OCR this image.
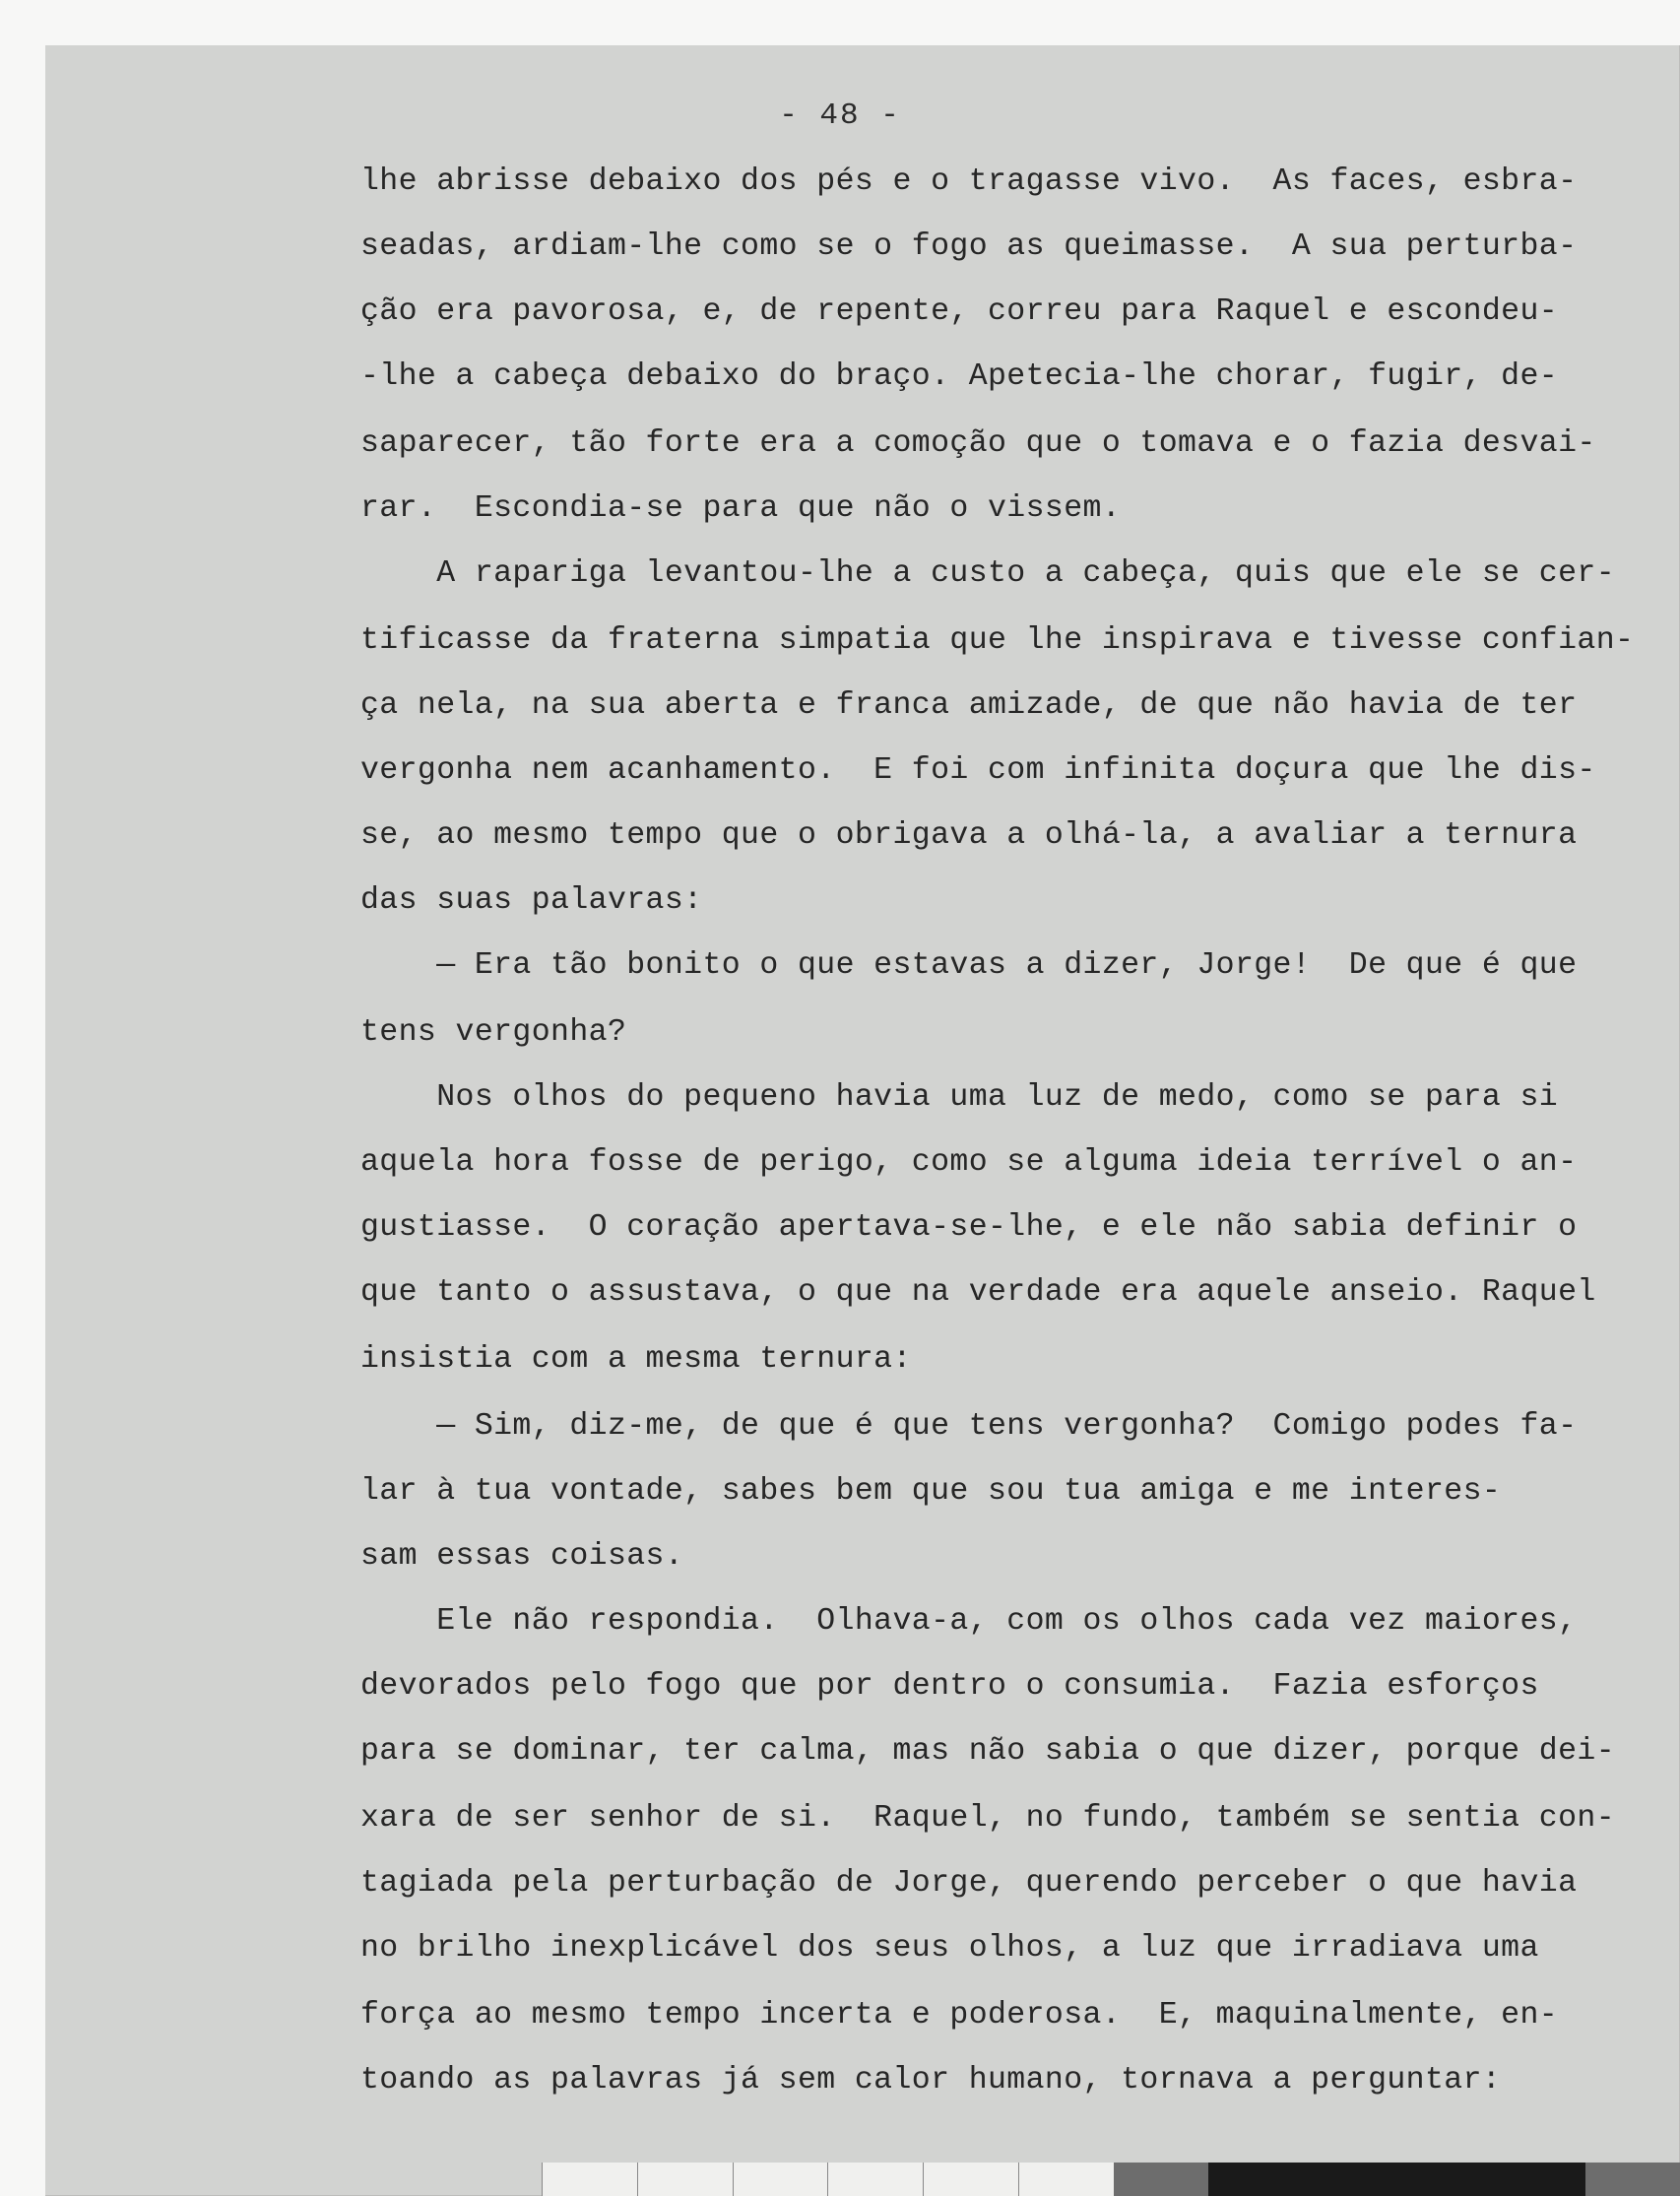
- 48 -
lhe abrisse debaixo dos pés e o tragasse vivo.  As faces, esbra-
seadas, ardiam-lhe como se o fogo as queimasse.  A sua perturba-
ção era pavorosa, e, de repente, correu para Raquel e escondeu-
-lhe a cabeça debaixo do braço. Apetecia-lhe chorar, fugir, de-
saparecer, tão forte era a comoção que o tomava e o fazia desvai-
rar.  Escondia-se para que não o vissem.
A rapariga levantou-lhe a custo a cabeça, quis que ele se cer-
tificasse da fraterna simpatia que lhe inspirava e tivesse confian-
ça nela, na sua aberta e franca amizade, de que não havia de ter
vergonha nem acanhamento.  E foi com infinita doçura que lhe dis-
se, ao mesmo tempo que o obrigava a olhá-la, a avaliar a ternura
das suas palavras:
— Era tão bonito o que estavas a dizer, Jorge!  De que é que
tens vergonha?
Nos olhos do pequeno havia uma luz de medo, como se para si
aquela hora fosse de perigo, como se alguma ideia terrível o an-
gustiasse.  O coração apertava-se-lhe, e ele não sabia definir o
que tanto o assustava, o que na verdade era aquele anseio. Raquel
insistia com a mesma ternura:
— Sim, diz-me, de que é que tens vergonha?  Comigo podes fa-
lar à tua vontade, sabes bem que sou tua amiga e me interes-
sam essas coisas.
Ele não respondia.  Olhava-a, com os olhos cada vez maiores,
devorados pelo fogo que por dentro o consumia.  Fazia esforços
para se dominar, ter calma, mas não sabia o que dizer, porque dei-
xara de ser senhor de si.  Raquel, no fundo, também se sentia con-
tagiada pela perturbação de Jorge, querendo perceber o que havia
no brilho inexplicável dos seus olhos, a luz que irradiava uma
força ao mesmo tempo incerta e poderosa.  E, maquinalmente, en-
toando as palavras já sem calor humano, tornava a perguntar:
